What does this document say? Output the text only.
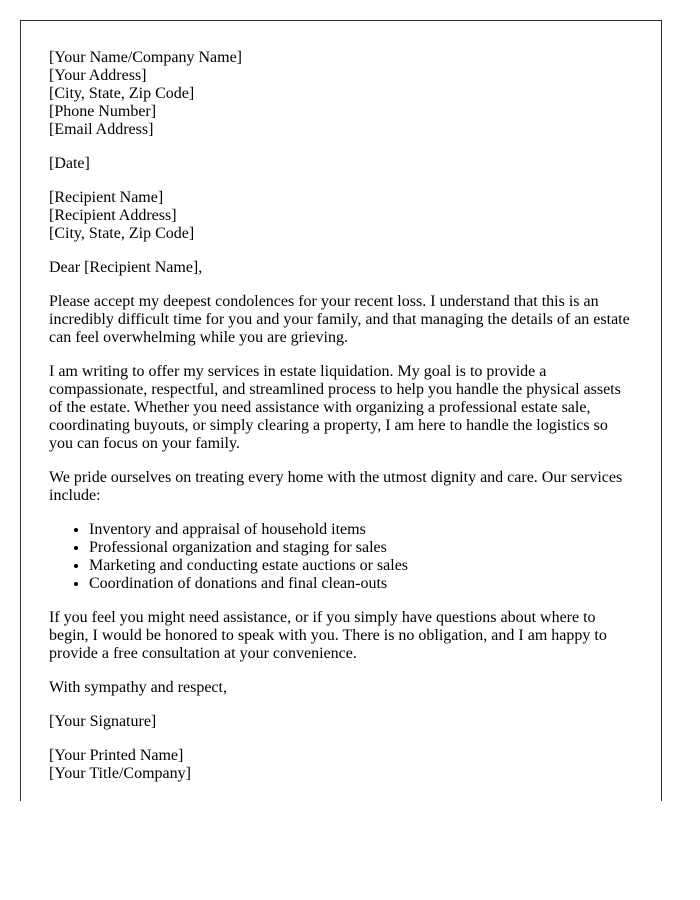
[Your Name/Company Name]
[Your Address]
[City, State, Zip Code]
[Phone Number]
[Email Address]

[Date]

[Recipient Name]
[Recipient Address]
[City, State, Zip Code]

Dear [Recipient Name],

Please accept my deepest condolences for your recent loss. I understand that this is an incredibly difficult time for you and your family, and that managing the details of an estate can feel overwhelming while you are grieving.

I am writing to offer my services in estate liquidation. My goal is to provide a compassionate, respectful, and streamlined process to help you handle the physical assets of the estate. Whether you need assistance with organizing a professional estate sale, coordinating buyouts, or simply clearing a property, I am here to handle the logistics so you can focus on your family.

We pride ourselves on treating every home with the utmost dignity and care. Our services include:

• Inventory and appraisal of household items
• Professional organization and staging for sales
• Marketing and conducting estate auctions or sales
• Coordination of donations and final clean-outs

If you feel you might need assistance, or if you simply have questions about where to begin, I would be honored to speak with you. There is no obligation, and I am happy to provide a free consultation at your convenience.

With sympathy and respect,

[Your Signature]

[Your Printed Name]
[Your Title/Company]
